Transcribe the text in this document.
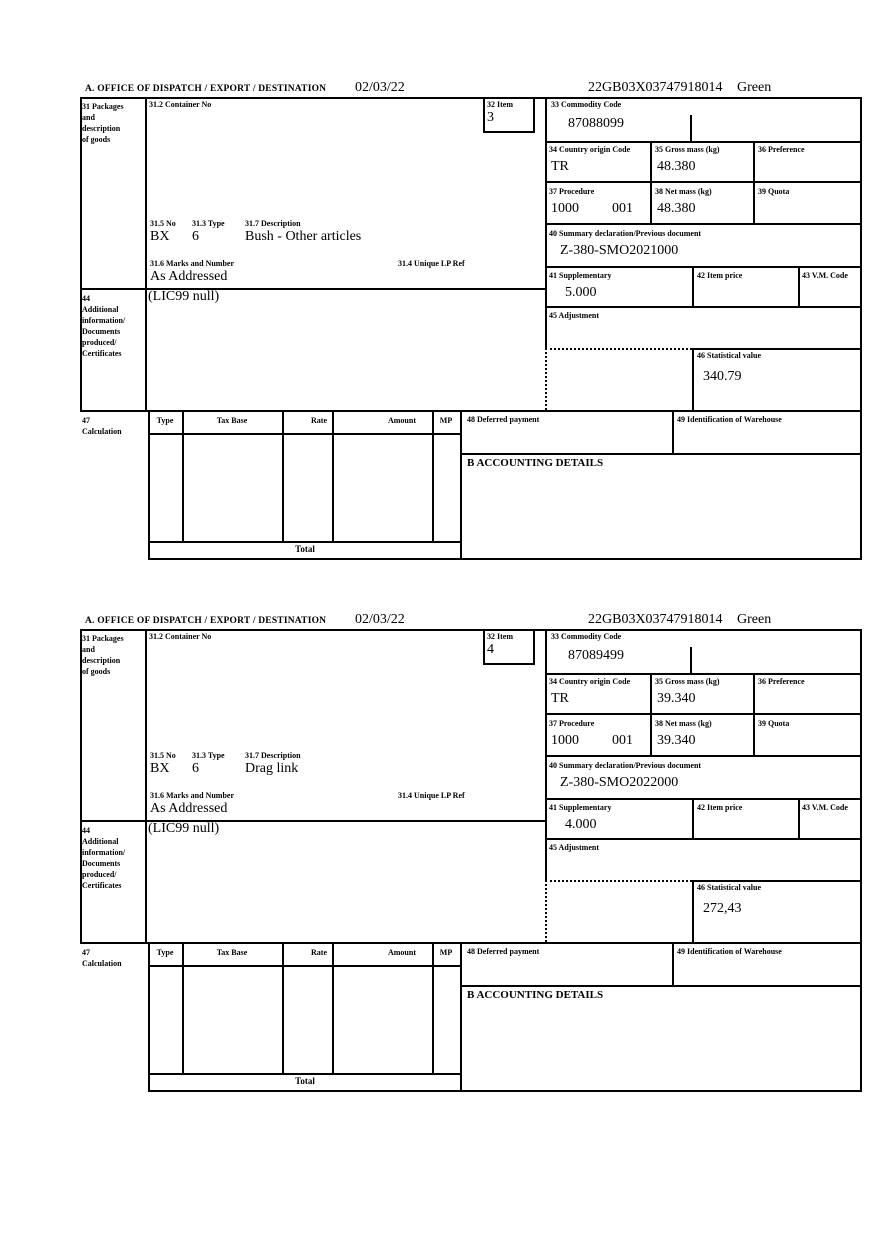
A. OFFICE OF DISPATCH / EXPORT / DESTINATION 02/03/22	22GB03X03747918014 Green
31 Packages
and
description
of goods
31.2 Container No	32 Item
3
33 Commodity Code
87088099
34 Country origin Code
TR
35 Gross mass (kg)
48.380
36 Preference
37 Procedure
1000 001
38 Net mass (kg)
48.380
39 Quota
40 Summary declaration/Previous document
Z-380-SMO2021000
41 Supplementary
5.000
42 Item price	43 V.M. Code
45 Adjustment
46 Statistical value
340.79
31.5 No 31.3 Type	31.7 Description
BX 6	Bush - Other articles
31.6 Marks and Number	31.4 Unique LP Ref
As Addressed
44
Additional
information/
Documents
produced/
Certificates
(LIC99 null)
47
Calculation
Type	Tax Base	Rate	Amount	MP	48 Deferred payment	49 Identification of Warehouse
B ACCOUNTING DETAILS
Total
A. OFFICE OF DISPATCH / EXPORT / DESTINATION 02/03/22	22GB03X03747918014 Green
31 Packages
and
description
of goods
31.2 Container No	32 Item
4
33 Commodity Code
87089499
34 Country origin Code
TR
35 Gross mass (kg)
39.340
36 Preference
37 Procedure
1000 001
38 Net mass (kg)
39.340
39 Quota
40 Summary declaration/Previous document
Z-380-SMO2022000
41 Supplementary
4.000
42 Item price	43 V.M. Code
45 Adjustment
46 Statistical value
272,43
31.5 No 31.3 Type	31.7 Description
BX 6	Drag link
31.6 Marks and Number	31.4 Unique LP Ref
As Addressed
44
Additional
information/
Documents
produced/
Certificates
(LIC99 null)
47
Calculation
Type	Tax Base	Rate	Amount	MP	48 Deferred payment	49 Identification of Warehouse
B ACCOUNTING DETAILS
Total
